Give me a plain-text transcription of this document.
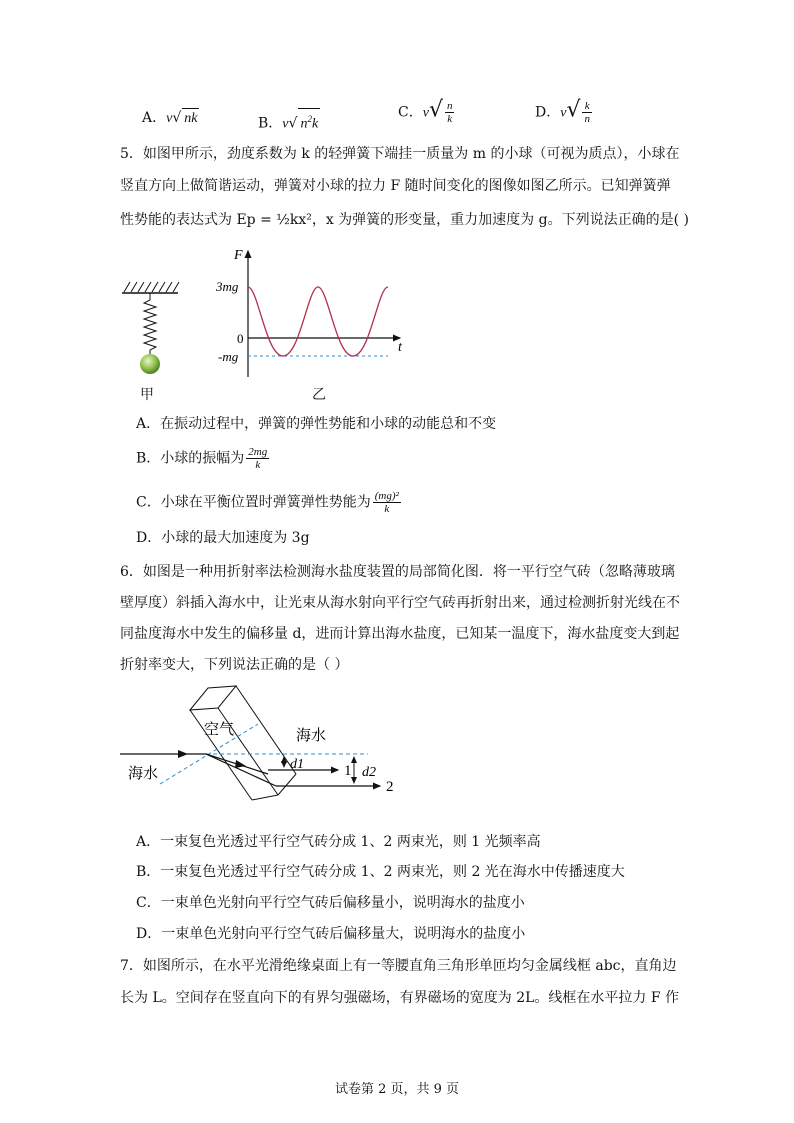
A．v√ nk	B．v√ $n^2k$
C．$v√ \frac{n}{k}$	D．$v√ \frac{k}{n}$
5．如图甲所示，劲度系数为 k 的轻弹簧下端挂一质量为 m 的小球（可视为质点），小球在
竖直方向上做简谐运动，弹簧对小球的拉力 F 随时间变化的图像如图乙所示。已知弹簧弹
性势能的表达式为 Ep = ½kx²，x 为弹簧的形变量，重力加速度为 g。下列说法正确的是( )
甲
F
3mg
0
-mg
t
乙
A．在振动过程中，弹簧的弹性势能和小球的动能总和不变
B．小球的振幅为 $\frac{2mg}{k}$
C．小球在平衡位置时弹簧弹性势能为 $\frac{\text{(mg)²}}{k}$
D．小球的最大加速度为 3g
6．如图是一种用折射率法检测海水盐度装置的局部简化图．将一平行空气砖（忽略薄玻璃
壁厚度）斜插入海水中，让光束从海水射向平行空气砖再折射出来，通过检测折射光线在不
同盐度海水中发生的偏移量 d，进而计算出海水盐度，已知某一温度下，海水盐度变大到起
折射率变大，下列说法正确的是（ ）
空气	海水
海水
d1
d2
1
2
A．一束复色光透过平行空气砖分成 1、2 两束光，则 1 光频率高
B．一束复色光透过平行空气砖分成 1、2 两束光，则 2 光在海水中传播速度大
C．一束单色光射向平行空气砖后偏移量小，说明海水的盐度小
D．一束单色光射向平行空气砖后偏移量大，说明海水的盐度小
7．如图所示，在水平光滑绝缘桌面上有一等腰直角三角形单匝均匀金属线框 abc，直角边
长为 L。空间存在竖直向下的有界匀强磁场，有界磁场的宽度为 2L。线框在水平拉力 F 作
试卷第 2 页，共 9 页
